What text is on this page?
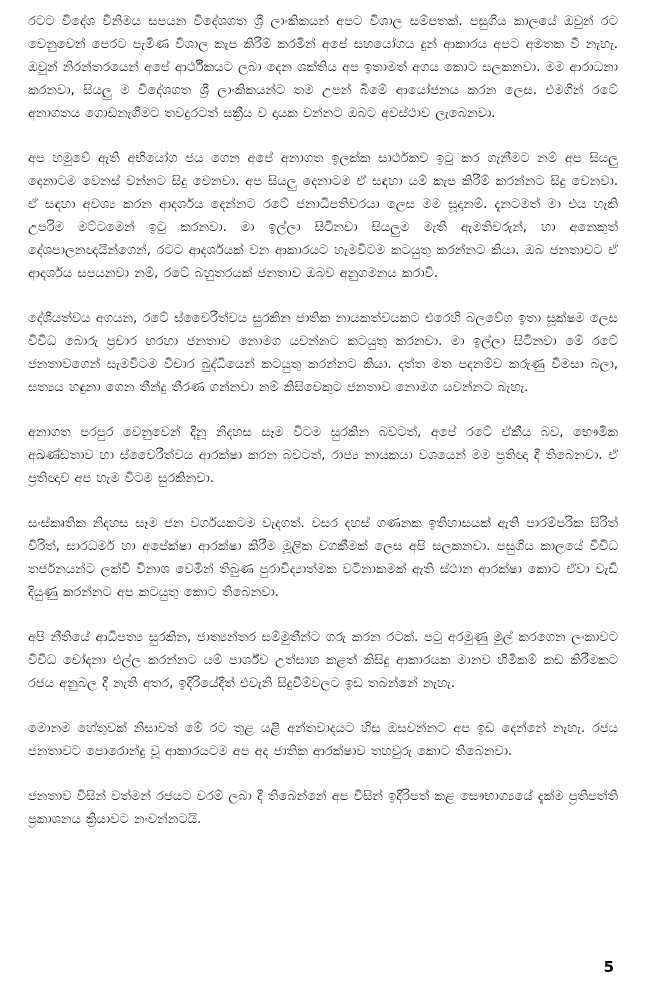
රටට විදේශ විනිමය සපයන විදේශගත ශ්‍රී ලාංකිකයන් අපට විශාල සම්පතක්. පසුගිය කාලයේ ඔවුන් රට වෙනුවෙන් පෙරට පැමිණ විශාල කැප කිරීම් කරමින් අපේ සහයෝගය දුන් ආකාරය අපට අමතක වී නැහැ. ඔවුන් නිරන්තරයෙන් අපේ ආර්ථිකයට ලබා දෙන ශක්තිය අප ඉතාමත් අගය කොට සලකනවා. මම ආරාධනා කරනවා, සියලු ම විදේශගත ශ්‍රී ලාංකිකයන්ට තම උපන් බිමේ ආයෝජනය කරන ලෙස. එමගින් රටේ අනාගතය ගොඩනැගීමට තවදුරටත් සක්‍රීය ව දායක වන්නට ඔබට අවස්ථාව ලැබෙනවා.

අප හමුවේ ඇති අභියෝග ජය ගෙන අපේ අනාගත ඉලක්ක සාර්ථකව ඉටු කර ගැනීමට නම් අප සියලු දෙනාටම වෙනස් වන්නට සිදු වෙනවා. අප සියලු දෙනාටම ඒ සඳහා යම් කැප කිරීම් කරන්නට සිදු වෙනවා. ඒ සඳහා අවශ්‍ය කරන ආදර්ශය දෙන්නට රටේ ජනාධිපතිවරයා ලෙස මම සූදානම්. දැනටමත් මා එය හැකි උපරිම මට්ටමෙන් ඉටු කරනවා. මා ඉල්ලා සිටිනවා සියලුම මැති ඇමතිවරුන්, හා අනෙකුත් දේශපාලනඥයින්ගෙන්, රටට ආදර්ශයක් වන ආකාරයට හැමවිටම කටයුතු කරන්නට කියා. ඔබ ජනතාවට ඒ ආදර්ශය සපයනවා නම්, රටේ බහුතරයක් ජනතාව ඔබව අනුගමනය කරාවි.

දේශීයත්වය අගයන, රටේ ස්වෛරීත්වය සුරකින ජාතික නායකත්වයකට එරෙහි බලවේග ඉතා සූක්ෂම ලෙස විවිධ බොරු ප්‍රචාර හරහා ජනතාව නොමග යවන්නට කටයුතු කරනවා. මා ඉල්ලා සිටිනවා මේ රටේ ජනතාවගෙන් සැමවිටම විචාර බුද්ධියෙන් කටයුතු කරන්නට කියා. දත්ත මත පදනම්ව කරුණු විමසා බලා, සත්‍යය හඳුනා ගෙන තීන්දු තීරණ ගන්නවා නම් කිසිවෙකුට ජනතාව නොමග යවන්නට බැහැ.

අනාගත පරපුර වෙනුවෙන් දිනූ නිදහස සෑම විටම සුරකින බවටත්, අපේ රටේ ඒකීය බව, භෞමික අඛණ්ඩතාව හා ස්වෛරීත්වය ආරක්ෂා කරන බවටත්, රාජ්‍ය නායකයා වශයෙන් මම ප්‍රතිඥා දී තිබෙනවා. ඒ ප්‍රතිඥාව අප හැම විටම සුරකිනවා.

සංස්කෘතික නිදහස සෑම ජන වර්ගයකටම වැදගත්. වසර දහස් ගණනක ඉතිහාසයක් ඇති පාරම්පරික සිරිත් විරිත්, සාරධර්ම හා අපේක්ෂා ආරක්ෂා කිරීම මූලික වගකීමක් ලෙස අපි සලකනවා. පසුගිය කාලයේ විවිධ තර්ජනයන්ට ලක්වී විනාශ වෙමින් තිබුණ පුරාවිද්‍යාත්මක වටිනාකමක් ඇති ස්ථාන ආරක්ෂා කොට ඒවා වැඩි දියුණු කරන්නට අප කටයුතු කොට තිබෙනවා.

අපි නීතියේ ආධිපත්‍ය සුරකින, ජාත්‍යන්තර සම්මුතීන්ට ගරු කරන රටක්. පටු අරමුණු මුල් කරගෙන ලංකාවට විවිධ චෝදනා එල්ල කරන්නට යම් පාර්ශ්ව උත්සාහ කළත් කිසිදු ආකාරයක මානව හිමිකම් කඩ කිරීමකට රජය අනුබල දී නැති අතර, ඉදිරියේදීත් එවැනි සිදුවීම්වලට ඉඩ තබන්නේ නැහැ.

මොනම හේතුවක් නිසාවත් මේ රට තුළ යළි අන්තවාදයට හිස ඔසවන්නට අප ඉඩ දෙන්නේ නැහැ. රජය ජනතාවට පොරොන්දු වූ ආකාරයටම අප අද ජාතික ආරක්ෂාව තහවුරු කොට තිබෙනවා.

ජනතාව විසින් වත්මන් රජයට වරම් ලබා දී තිබෙන්නේ අප විසින් ඉදිරිපත් කළ සෞභාග්‍යයේ දැක්ම ප්‍රතිපත්ති ප්‍රකාශනය ක්‍රියාවට නංවන්නටයි.

5
